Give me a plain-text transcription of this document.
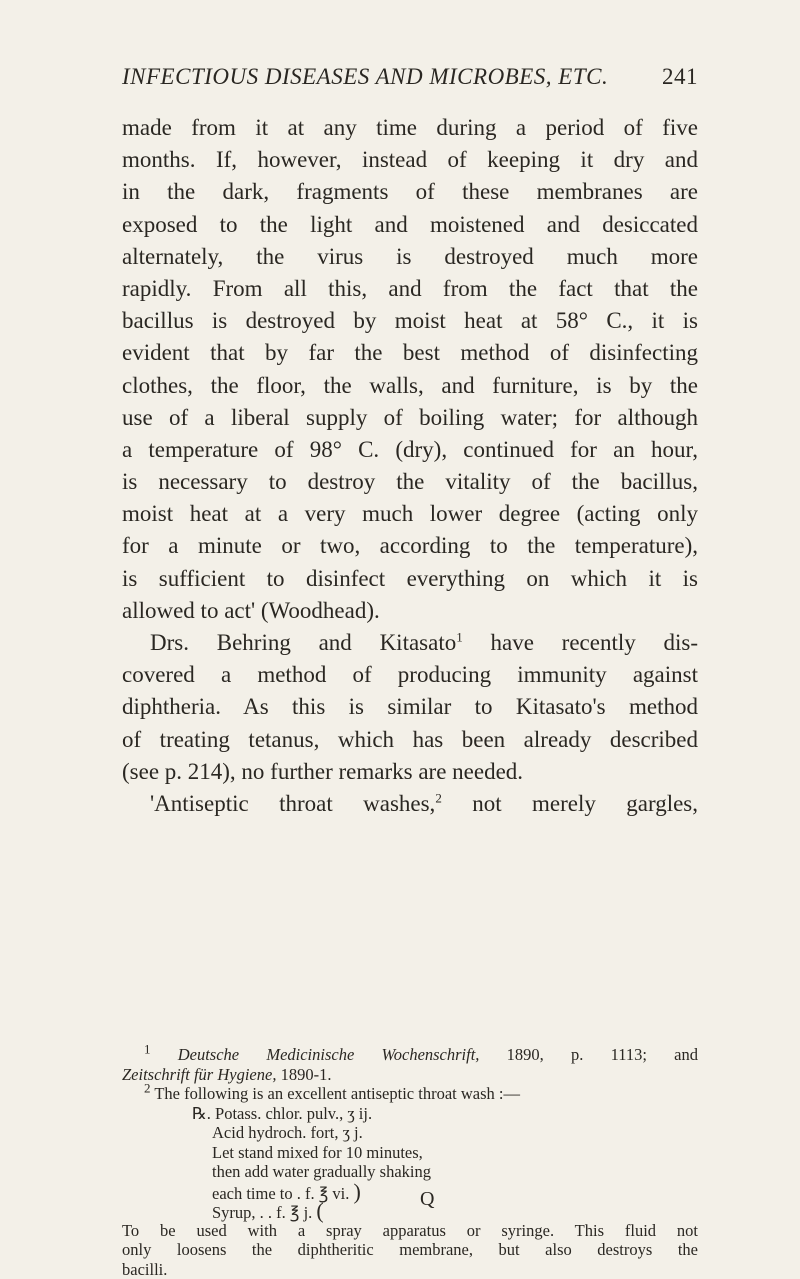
INFECTIOUS DISEASES AND MICROBES, ETC. 241
made from it at any time during a period of five
months. If, however, instead of keeping it dry and
in the dark, fragments of these membranes are
exposed to the light and moistened and desiccated
alternately, the virus is destroyed much more
rapidly. From all this, and from the fact that the
bacillus is destroyed by moist heat at 58° C., it is
evident that by far the best method of disinfecting
clothes, the floor, the walls, and furniture, is by the
use of a liberal supply of boiling water; for although
a temperature of 98° C. (dry), continued for an hour,
is necessary to destroy the vitality of the bacillus,
moist heat at a very much lower degree (acting only
for a minute or two, according to the temperature),
is sufficient to disinfect everything on which it is
allowed to act' (Woodhead).
Drs. Behring and Kitasato$^1$ have recently dis-
covered a method of producing immunity against
diphtheria. As this is similar to Kitasato's method
of treating tetanus, which has been already described
(see p. 214), no further remarks are needed.
'Antiseptic throat washes,$^2$ not merely gargles,
$^1$ Deutsche Medicinische Wochenschrift, 1890, p. 1113; and
Zeitschrift für Hygiene, 1890-1.
$^2$ The following is an excellent antiseptic throat wash :—
℞. Potass. chlor. pulv., ʒ ij.
Acid hydroch. fort, ʒ j.
Let stand mixed for 10 minutes,
then add water gradually shaking
each time to . f. ℥ vi. )
Syrup, . . f. ℥ j. (
To be used with a spray apparatus or syringe. This fluid not
only loosens the diphtheritic membrane, but also destroys the
bacilli.
Q
